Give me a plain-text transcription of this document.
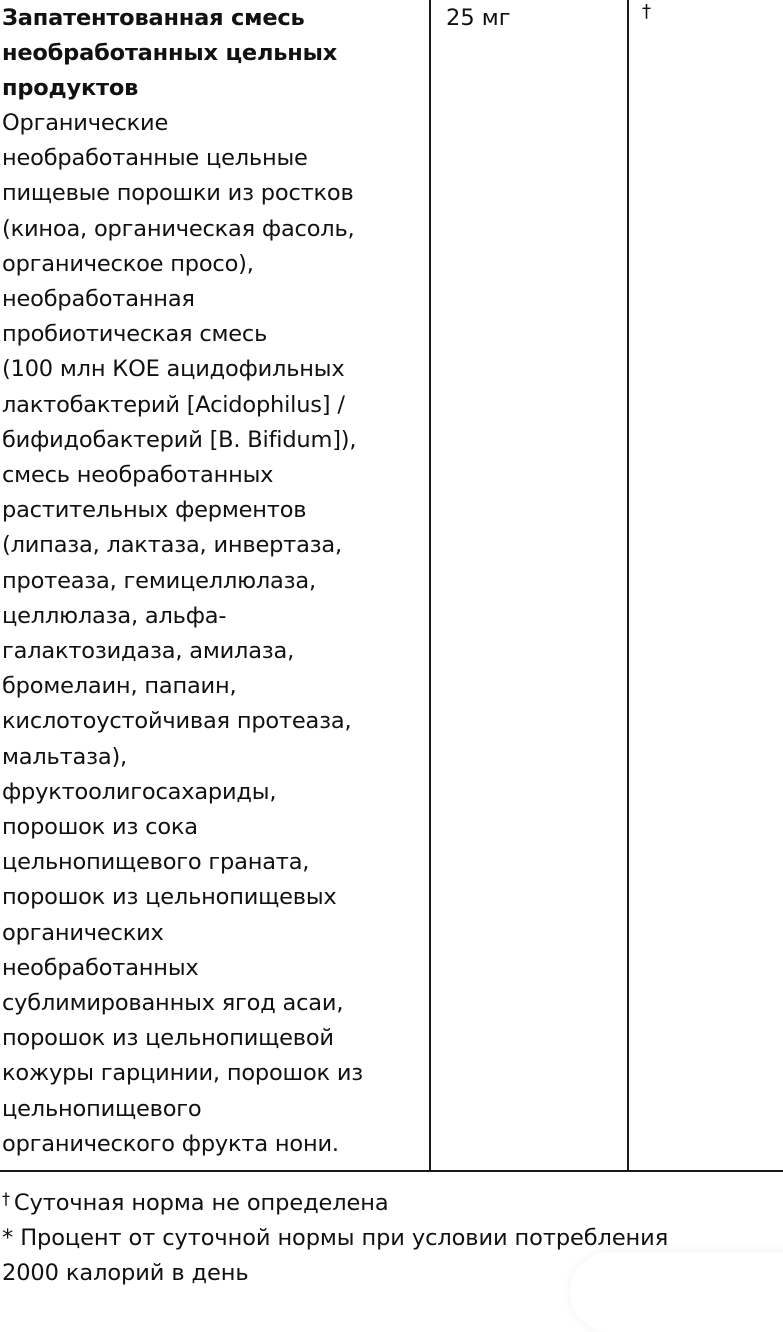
Запатентованная смесь
необработанных цельных
продуктов

Органические
необработанные цельные
пищевые порошки из ростков
(киноа, органическая фасоль,
органическое просо),
необработанная
пробиотическая смесь
(100 млн КОЕ ацидофильных
лактобактерий [Acidophilus] /
бифидобактерий [B. Bifidum]),
смесь необработанных
растительных ферментов
(липаза, лактаза, инвертаза,
протеаза, гемицеллюлаза,
целлюлаза, альфа-
галактозидаза, амилаза,
бромелаин, папаин,
кислотоустойчивая протеаза,
мальтаза),
фруктоолигосахариды,
порошок из сока
цельнопищевого граната,
порошок из цельнопищевых
органических
необработанных
сублимированных ягод асаи,
порошок из цельнопищевой
кожуры гарцинии, порошок из
цельнопищевого
органического фрукта нони.

25 мг	†
† Суточная норма не определена
* Процент от суточной нормы при условии потребления
2000 калорий в день
